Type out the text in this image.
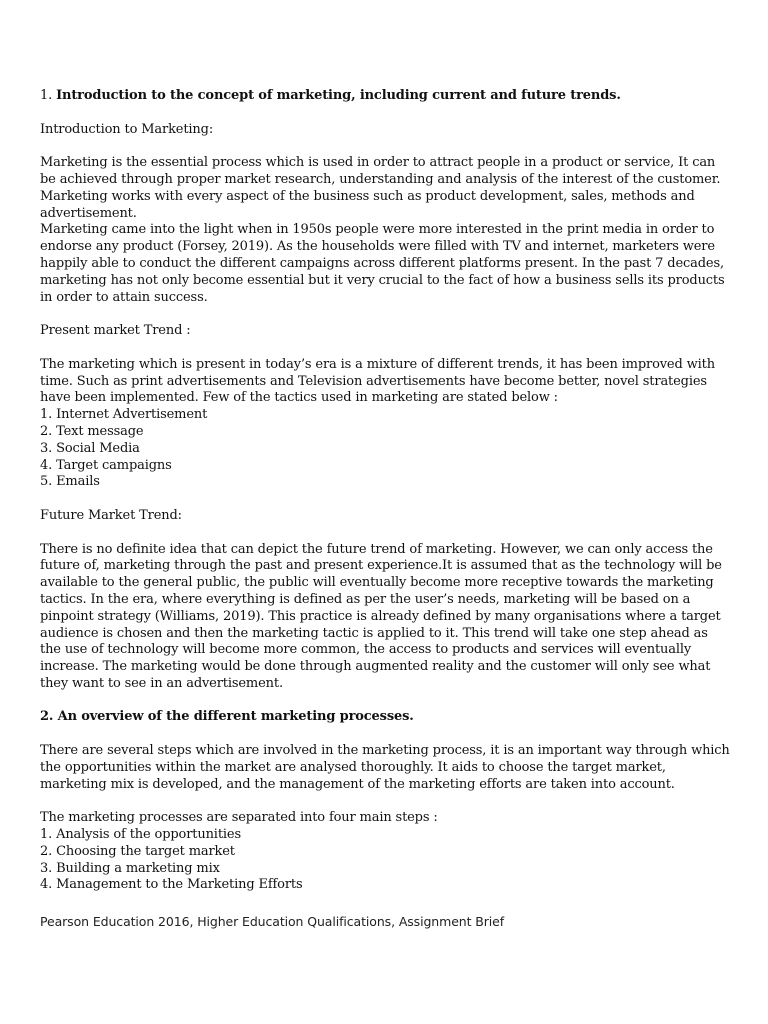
1. Introduction to the concept of marketing, including current and future trends.

Introduction to Marketing:

Marketing is the essential process which is used in order to attract people in a product or service, It can be achieved through proper market research, understanding and analysis of the interest of the customer. Marketing works with every aspect of the business such as product development, sales, methods and advertisement.

Marketing came into the light when in 1950s people were more interested in the print media in order to endorse any product (Forsey, 2019). As the households were filled with TV and internet, marketers were happily able to conduct the different campaigns across different platforms present. In the past 7 decades, marketing has not only become essential but it very crucial to the fact of how a business sells its products in order to attain success.

Present market Trend :

The marketing which is present in today’s era is a mixture of different trends, it has been improved with time. Such as print advertisements and Television advertisements have become better, novel strategies have been implemented. Few of the tactics used in marketing are stated below :

1. Internet Advertisement
2. Text message
3. Social Media
4. Target campaigns
5. Emails

Future Market Trend:

There is no definite idea that can depict the future trend of marketing. However, we can only access the future of, marketing through the past and present experience.It is assumed that as the technology will be available to the general public, the public will eventually become more receptive towards the marketing tactics. In the era, where everything is defined as per the user’s needs, marketing will be based on a pinpoint strategy (Williams, 2019). This practice is already defined by many organisations where a target audience is chosen and then the marketing tactic is applied to it. This trend will take one step ahead as the use of technology will become more common, the access to products and services will eventually increase. The marketing would be done through augmented reality and the customer will only see what they want to see in an advertisement.

2. An overview of the different marketing processes.

There are several steps which are involved in the marketing process, it is an important way through which the opportunities within the market are analysed thoroughly. It aids to choose the target market, marketing mix is developed, and the management of the marketing efforts are taken into account.

The marketing processes are separated into four main steps :

1. Analysis of the opportunities
2. Choosing the target market
3. Building a marketing mix
4. Management to the Marketing Efforts
Pearson Education 2016, Higher Education Qualifications, Assignment Brief
